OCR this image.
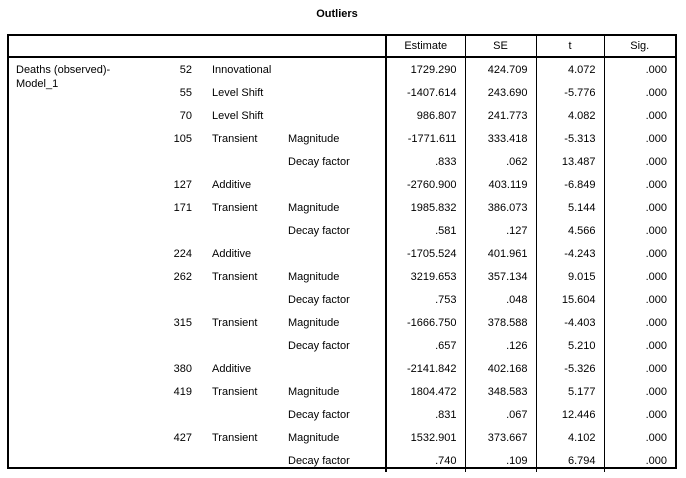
Outliers
				Estimate	SE	t	Sig.
Deaths (observed)-Model_1	52	Innovational		1729.290	424.709	4.072	.000
	55	Level Shift		-1407.614	243.690	-5.776	.000
	70	Level Shift		986.807	241.773	4.082	.000
	105	Transient	Magnitude	-1771.611	333.418	-5.313	.000
			Decay factor	.833	.062	13.487	.000
	127	Additive		-2760.900	403.119	-6.849	.000
	171	Transient	Magnitude	1985.832	386.073	5.144	.000
			Decay factor	.581	.127	4.566	.000
	224	Additive		-1705.524	401.961	-4.243	.000
	262	Transient	Magnitude	3219.653	357.134	9.015	.000
			Decay factor	.753	.048	15.604	.000
	315	Transient	Magnitude	-1666.750	378.588	-4.403	.000
			Decay factor	.657	.126	5.210	.000
	380	Additive		-2141.842	402.168	-5.326	.000
	419	Transient	Magnitude	1804.472	348.583	5.177	.000
			Decay factor	.831	.067	12.446	.000
	427	Transient	Magnitude	1532.901	373.667	4.102	.000
			Decay factor	.740	.109	6.794	.000
